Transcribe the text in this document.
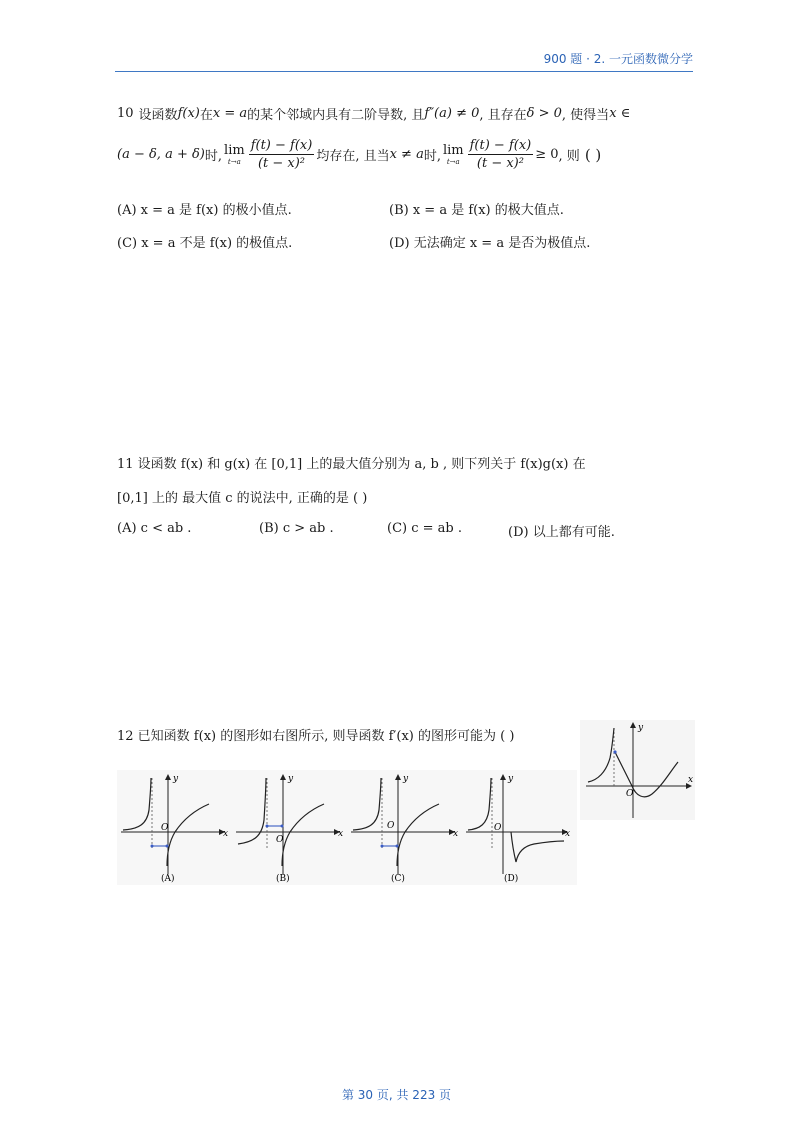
900 题 · 2. 一元函数微分学
10 设函数 f(x) 在 x = a 的某个邻域内具有二阶导数, 且 f″(a) ≠ 0 , 且存在 δ > 0 , 使得当 x ∈
(a − δ, a + δ) 时, lim
$t\to a \frac{f(t) - f(x)}{\text{(t − x)²}}$ 均存在, 且当 x ≠ a 时, lim
$t\to a \frac{f(t) - f(x)}{\text{(t − x)²}} \ge 0$ , 则 ( )
(A) x = a 是 f(x) 的极小值点.	(B) x = a 是 f(x) 的极大值点.
(C) x = a 不是 f(x) 的极值点.	(D) 无法确定 x = a 是否为极值点.
11 设函数 f(x) 和 g(x) 在 [0,1] 上的最大值分别为 a, b , 则下列关于 f(x)g(x) 在
[0,1] 上的 最大值 c 的说法中, 正确的是 ( )
(A) c < ab .	(B) c > ab .	(C) c = ab .	(D) 以上都有可能.
12 已知函数 f(x) 的图形如右图所示, 则导函数 f′(x) 的图形可能为 ( )
O
y
x
O
y
x
(A)
O
y
x
(B)
O
y
x
(C)
O
y
x
(D)
第 30 页, 共 223 页
